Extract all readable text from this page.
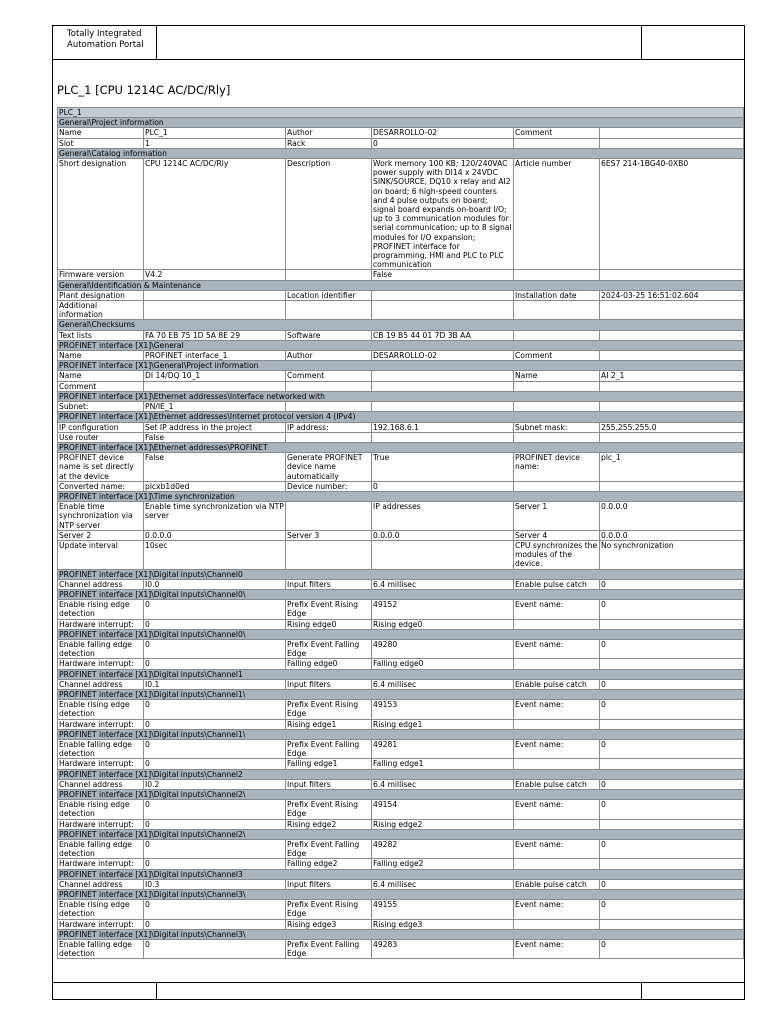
Totally Integrated Automation Portal
PLC_1 [CPU 1214C AC/DC/Rly]
PLC_1					
General\Project information					
Name	PLC_1	Author	DESARROLLO-02	Comment	
Slot	1	Rack	0		
General\Catalog information					
Short designation	CPU 1214C AC/DC/Rly	Description	Work memory 100 KB; 120/240VAC power supply with DI14 x 24VDC SINK/SOURCE, DQ10 x relay and AI2 on board; 6 high-speed counters and 4 pulse outputs on board; signal board expands on-board I/O; up to 3 communication modules for serial communication; up to 8 signal modules for I/O expansion; PROFINET interface for programming, HMI and PLC to PLC communication	Article number	6ES7 214-1BG40-0XB0
Firmware version	V4.2		False		
General\Identification & Maintenance					
Plant designation		Location identifier		Installation date	2024-03-25 16:51:02.604
Additional information					
General\Checksums					
Text lists	FA 70 EB 75 1D 5A 8E 29	Software	CB 19 B5 44 01 7D 3B AA		
PROFINET interface [X1]\General					
Name	PROFINET interface_1	Author	DESARROLLO-02	Comment	
PROFINET interface [X1]\General\Project information					
Name	DI 14/DQ 10_1	Comment		Name	AI 2_1
Comment					
PROFINET interface [X1]\Ethernet addresses\Interface networked with					
Subnet:	PN/IE_1				
PROFINET interface [X1]\Ethernet addresses\Internet protocol version 4 (IPv4)					
IP configuration	Set IP address in the project	IP address:	192.168.6.1	Subnet mask:	255.255.255.0
Use router	False				
PROFINET interface [X1]\Ethernet addresses\PROFINET					
PROFINET device name is set directly at the device	False	Generate PROFINET device name automatically	True	PROFINET device name:	plc_1
Converted name:	plcxb1d0ed	Device number:	0		
PROFINET interface [X1]\Time synchronization					
Enable time synchronization via NTP server	Enable time synchronization via NTP server		IP addresses	Server 1	0.0.0.0
Server 2	0.0.0.0	Server 3	0.0.0.0	Server 4	0.0.0.0
Update interval	10sec			CPU synchronizes the modules of the device.	No synchronization
PROFINET interface [X1]\Digital inputs\Channel0					
Channel address	I0.0	Input filters	6.4 millisec	Enable pulse catch	0
PROFINET interface [X1]\Digital inputs\Channel0\					
Enable rising edge detection	0	Prefix Event Rising Edge	49152	Event name:	0
Hardware interrupt:	0	Rising edge0	Rising edge0		
PROFINET interface [X1]\Digital inputs\Channel0\					
Enable falling edge detection	0	Prefix Event Falling Edge	49280	Event name:	0
Hardware interrupt:	0	Falling edge0	Falling edge0		
PROFINET interface [X1]\Digital inputs\Channel1					
Channel address	I0.1	Input filters	6.4 millisec	Enable pulse catch	0
PROFINET interface [X1]\Digital inputs\Channel1\					
Enable rising edge detection	0	Prefix Event Rising Edge	49153	Event name:	0
Hardware interrupt:	0	Rising edge1	Rising edge1		
PROFINET interface [X1]\Digital inputs\Channel1\					
Enable falling edge detection	0	Prefix Event Falling Edge	49281	Event name:	0
Hardware interrupt:	0	Falling edge1	Falling edge1		
PROFINET interface [X1]\Digital inputs\Channel2					
Channel address	I0.2	Input filters	6.4 millisec	Enable pulse catch	0
PROFINET interface [X1]\Digital inputs\Channel2\					
Enable rising edge detection	0	Prefix Event Rising Edge	49154	Event name:	0
Hardware interrupt:	0	Rising edge2	Rising edge2		
PROFINET interface [X1]\Digital inputs\Channel2\					
Enable falling edge detection	0	Prefix Event Falling Edge	49282	Event name:	0
Hardware interrupt:	0	Falling edge2	Falling edge2		
PROFINET interface [X1]\Digital inputs\Channel3					
Channel address	I0.3	Input filters	6.4 millisec	Enable pulse catch	0
PROFINET interface [X1]\Digital inputs\Channel3\					
Enable rising edge detection	0	Prefix Event Rising Edge	49155	Event name:	0
Hardware interrupt:	0	Rising edge3	Rising edge3		
PROFINET interface [X1]\Digital inputs\Channel3\					
Enable falling edge detection	0	Prefix Event Falling Edge	49283	Event name:	0
